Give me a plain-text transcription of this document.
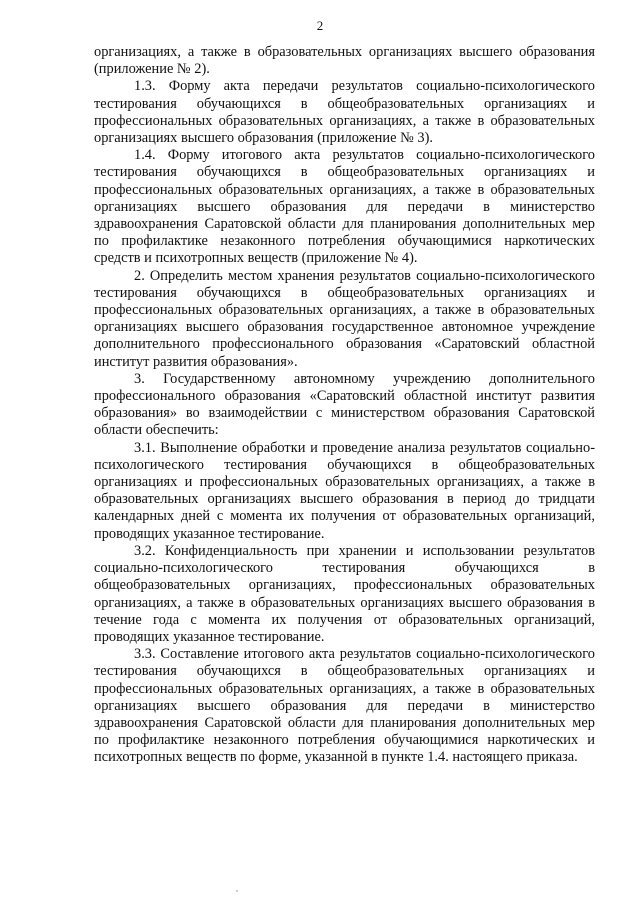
2

организациях, а также в образовательных организациях высшего образования (приложение № 2).

1.3. Форму акта передачи результатов социально-психологического тестирования обучающихся в общеобразовательных организациях и профессиональных образовательных организациях, а также в образовательных организациях высшего образования (приложение № 3).

1.4. Форму итогового акта результатов социально-психологического тестирования обучающихся в общеобразовательных организациях и профессиональных образовательных организациях, а также в образовательных организациях высшего образования для передачи в министерство здравоохранения Саратовской области для планирования дополнительных мер по профилактике незаконного потребления обучающимися наркотических средств и психотропных веществ (приложение № 4).

2. Определить местом хранения результатов социально-психологического тестирования обучающихся в общеобразовательных организациях и профессиональных образовательных организациях, а также в образовательных организациях высшего образования государственное автономное учреждение дополнительного профессионального образования «Саратовский областной институт развития образования».

3. Государственному автономному учреждению дополнительного профессионального образования «Саратовский областной институт развития образования» во взаимодействии с министерством образования Саратовской области обеспечить:

3.1. Выполнение обработки и проведение анализа результатов социально-психологического тестирования обучающихся в общеобразовательных организациях и профессиональных образовательных организациях, а также в образовательных организациях высшего образования в период до тридцати календарных дней с момента их получения от образовательных организаций, проводящих указанное тестирование.

3.2. Конфиденциальность при хранении и использовании результатов социально-психологического тестирования обучающихся в общеобразовательных организациях, профессиональных образовательных организациях, а также в образовательных организациях высшего образования в течение года с момента их получения от образовательных организаций, проводящих указанное тестирование.

3.3. Составление итогового акта результатов социально-психологического тестирования обучающихся в общеобразовательных организациях и профессиональных образовательных организациях, а также в образовательных организациях высшего образования для передачи в министерство здравоохранения Саратовской области для планирования дополнительных мер по профилактике незаконного потребления обучающимися наркотических и психотропных веществ по форме, указанной в пункте 1.4. настоящего приказа.
